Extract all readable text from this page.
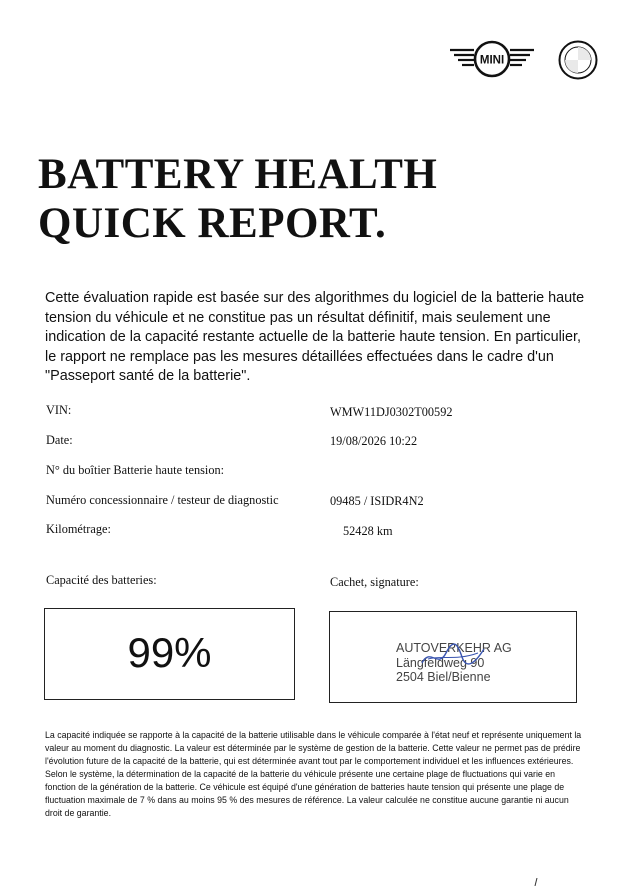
MINI
BATTERY HEALTH
QUICK REPORT.

Cette évaluation rapide est basée sur des algorithmes du logiciel de la batterie haute tension du véhicule et ne constitue pas un résultat définitif, mais seulement une indication de la capacité restante actuelle de la batterie haute tension. En particulier, le rapport ne remplace pas les mesures détaillées effectuées dans le cadre d'un "Passeport santé de la batterie".

VIN:	WMW11DJ0302T00592
Date:	19/08/2026 10:22
N° du boîtier Batterie haute tension:
Numéro concessionnaire / testeur de diagnostic	09485 / ISIDR4N2
Kilométrage:	52428 km
Capacité des batteries:	Cachet, signature:
99%	AUTOVERKEHR AG
Längfeldweg 90
2504 Biel/Bienne

La capacité indiquée se rapporte à la capacité de la batterie utilisable dans le véhicule comparée à l'état neuf et représente uniquement la valeur au moment du diagnostic. La valeur est déterminée par le système de gestion de la batterie. Cette valeur ne permet pas de prédire l'évolution future de la capacité de la batterie, qui est déterminée avant tout par le comportement individuel et les influences extérieures. Selon le système, la détermination de la capacité de la batterie du véhicule présente une certaine plage de fluctuations qui varie en fonction de la génération de la batterie. Ce véhicule est équipé d'une génération de batteries haute tension qui présente une plage de fluctuation maximale de 7 % dans au moins 95 % des mesures de référence. La valeur calculée ne constitue aucune garantie ni aucun droit de garantie.
